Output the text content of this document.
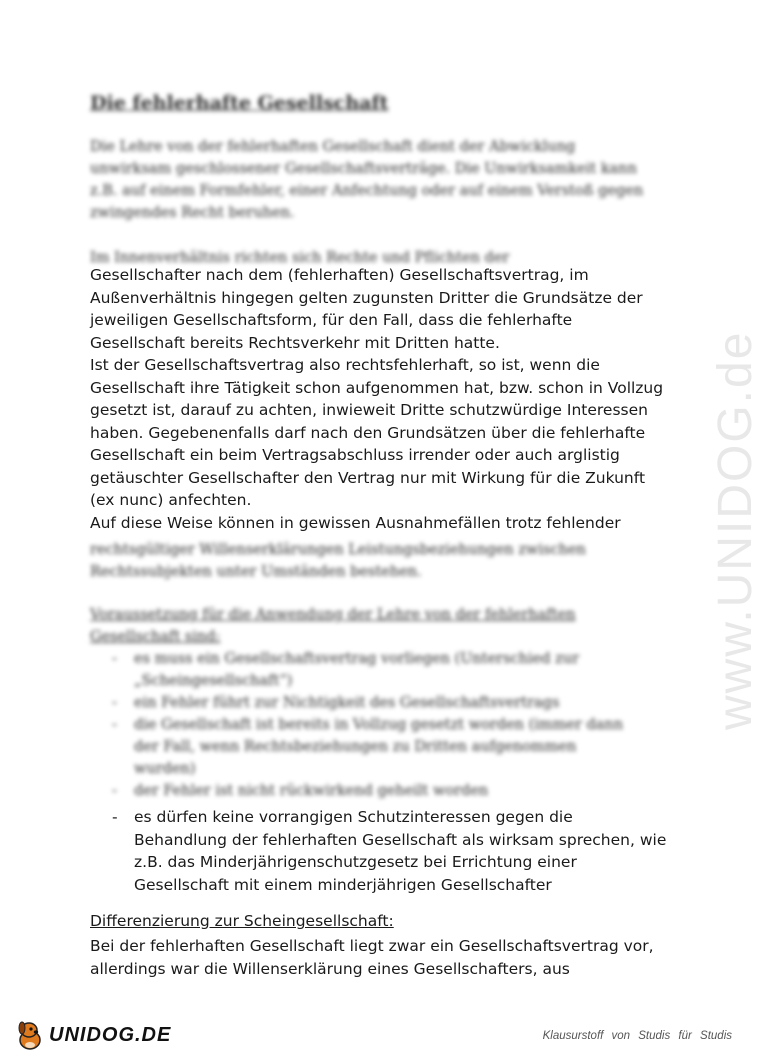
Die fehlerhafte Gesellschaft

Die Lehre von der fehlerhaften Gesellschaft dient der Abwicklung unwirksam geschlossener Gesellschaftsverträge. Die Unwirksamkeit kann z.B. auf einem Formfehler, einer Anfechtung oder auf einem Verstoß gegen zwingendes Recht beruhen.

Im Innenverhältnis richten sich Rechte und Pflichten der

Gesellschafter nach dem (fehlerhaften) Gesellschaftsvertrag, im Außenverhältnis hingegen gelten zugunsten Dritter die Grundsätze der jeweiligen Gesellschaftsform, für den Fall, dass die fehlerhafte Gesellschaft bereits Rechtsverkehr mit Dritten hatte.

Ist der Gesellschaftsvertrag also rechtsfehlerhaft, so ist, wenn die Gesellschaft ihre Tätigkeit schon aufgenommen hat, bzw. schon in Vollzug gesetzt ist, darauf zu achten, inwieweit Dritte schutzwürdige Interessen haben. Gegebenenfalls darf nach den Grundsätzen über die fehlerhafte Gesellschaft ein beim Vertragsabschluss irrender oder auch arglistig getäuschter Gesellschafter den Vertrag nur mit Wirkung für die Zukunft (ex nunc) anfechten.

Auf diese Weise können in gewissen Ausnahmefällen trotz fehlender

rechtsgültiger Willenserklärungen Leistungsbeziehungen zwischen Rechtssubjekten unter Umständen bestehen.

Voraussetzung für die Anwendung der Lehre von der fehlerhaften Gesellschaft sind:

- es muss ein Gesellschaftsvertrag vorliegen (Unterschied zur „Scheingesellschaft“)
- ein Fehler führt zur Nichtigkeit des Gesellschaftsvertrags
- die Gesellschaft ist bereits in Vollzug gesetzt worden (immer dann der Fall, wenn Rechtsbeziehungen zu Dritten aufgenommen wurden)
- der Fehler ist nicht rückwirkend geheilt worden
- es dürfen keine vorrangigen Schutzinteressen gegen die Behandlung der fehlerhaften Gesellschaft als wirksam sprechen, wie z.B. das Minderjährigenschutzgesetz bei Errichtung einer Gesellschaft mit einem minderjährigen Gesellschafter
Differenzierung zur Scheingesellschaft:

Bei der fehlerhaften Gesellschaft liegt zwar ein Gesellschaftsvertrag vor, allerdings war die Willenserklärung eines Gesellschafters, aus

www.UNIDOG.de
UNIDOG.DE	Klausurstoff von Studis für Studis
